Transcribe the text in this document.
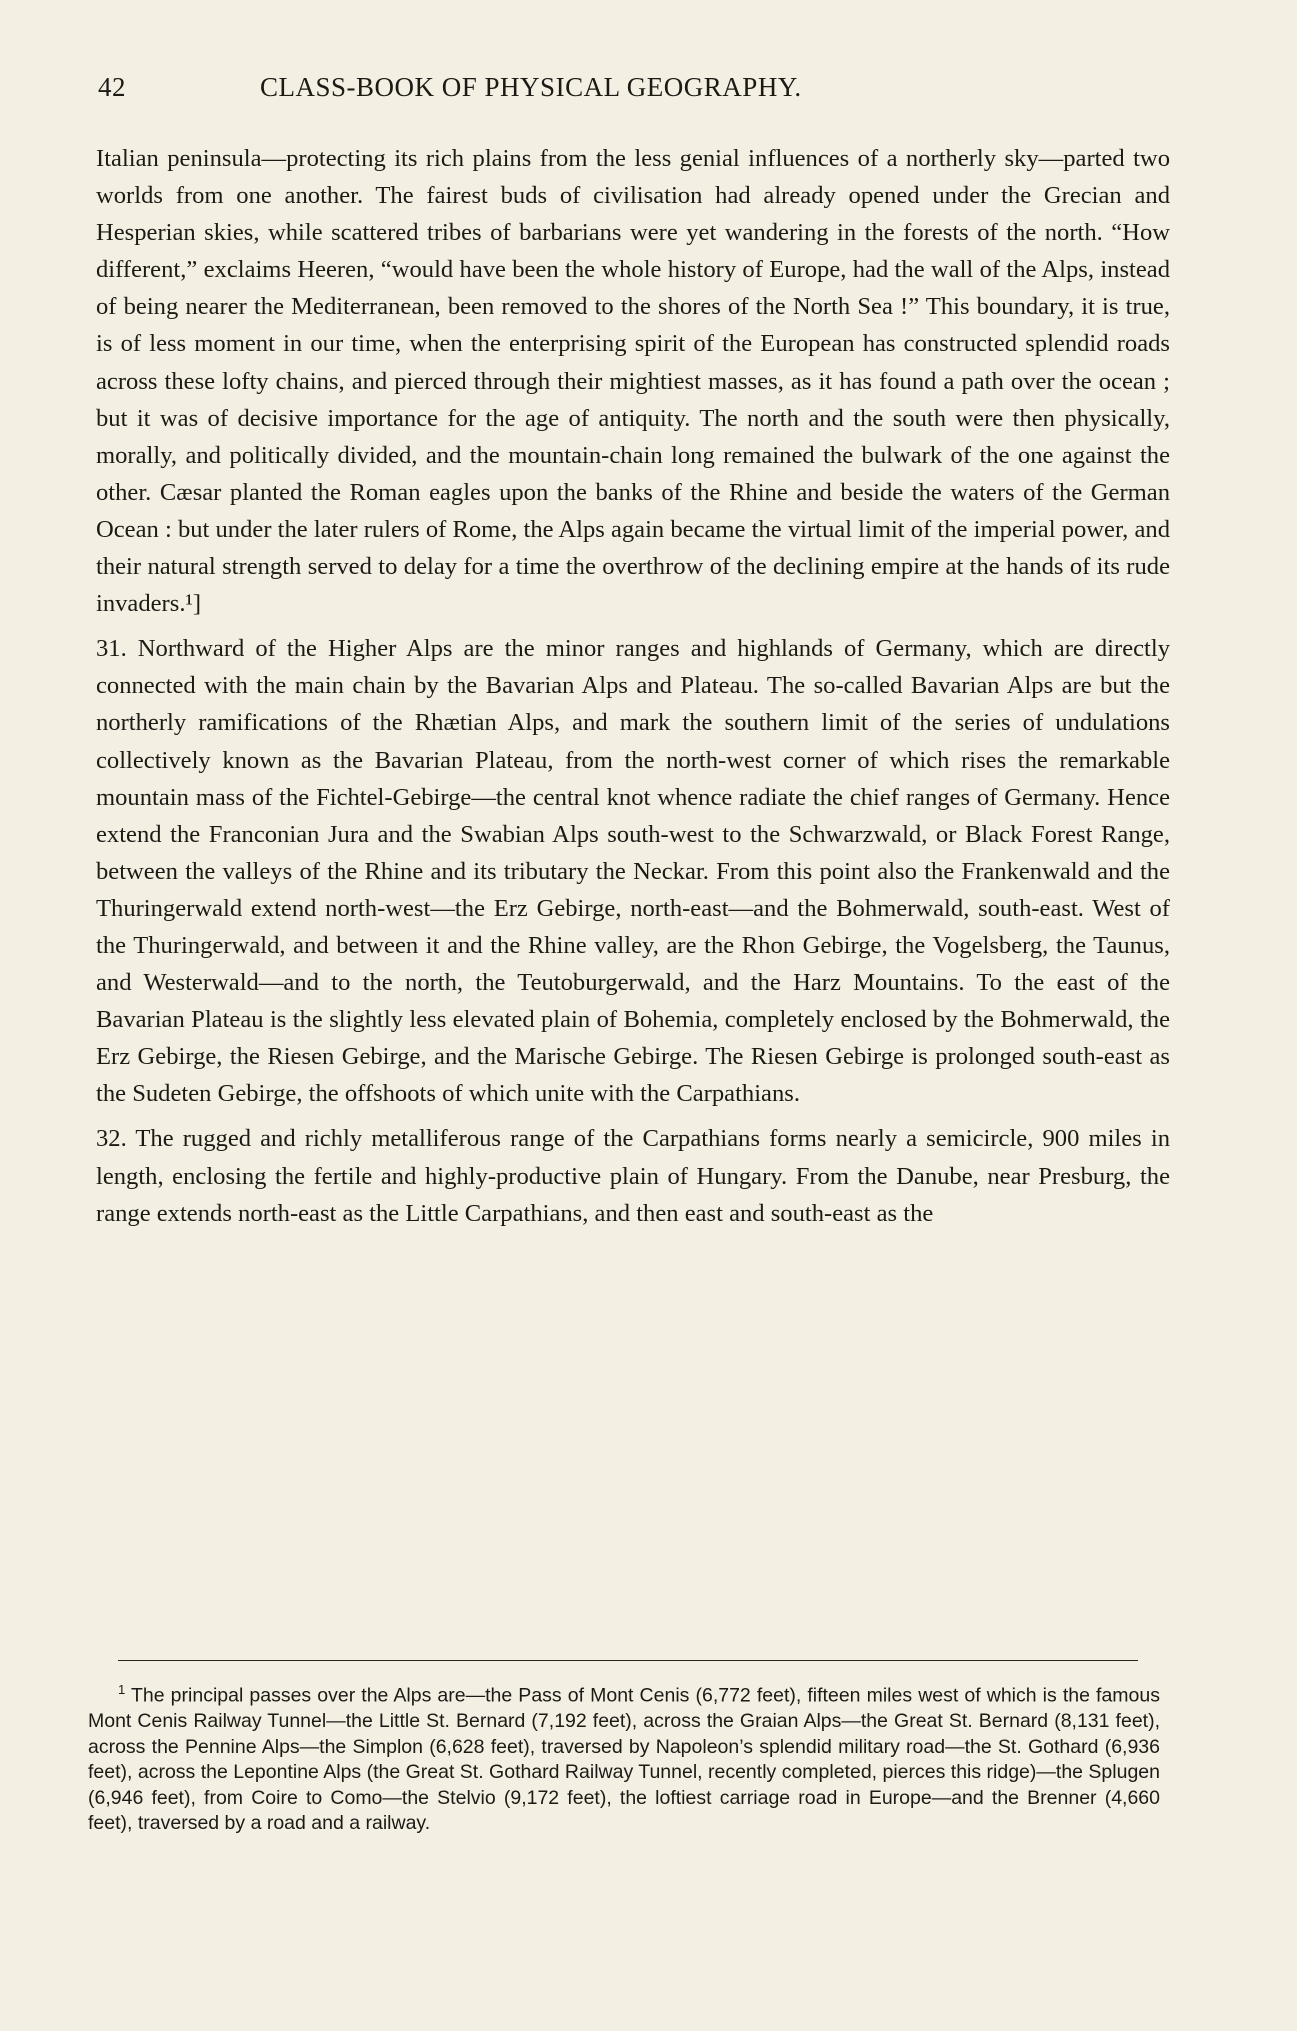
42	CLASS-BOOK OF PHYSICAL GEOGRAPHY.

Italian peninsula—protecting its rich plains from the less genial influences of a northerly sky—parted two worlds from one another. The fairest buds of civilisation had already opened under the Grecian and Hesperian skies, while scattered tribes of barbarians were yet wandering in the forests of the north. “How different,” exclaims Heeren, “would have been the whole history of Europe, had the wall of the Alps, instead of being nearer the Mediterranean, been removed to the shores of the North Sea !” This boundary, it is true, is of less moment in our time, when the enterprising spirit of the European has constructed splendid roads across these lofty chains, and pierced through their mightiest masses, as it has found a path over the ocean ; but it was of decisive importance for the age of antiquity. The north and the south were then physically, morally, and politically divided, and the mountain-chain long remained the bulwark of the one against the other. Cæsar planted the Roman eagles upon the banks of the Rhine and beside the waters of the German Ocean : but under the later rulers of Rome, the Alps again became the virtual limit of the imperial power, and their natural strength served to delay for a time the overthrow of the declining empire at the hands of its rude invaders.¹]

31. Northward of the Higher Alps are the minor ranges and highlands of Germany, which are directly connected with the main chain by the Bavarian Alps and Plateau. The so-called Bavarian Alps are but the northerly ramifications of the Rhætian Alps, and mark the southern limit of the series of undulations collectively known as the Bavarian Plateau, from the north-west corner of which rises the remarkable mountain mass of the Fichtel-Gebirge—the central knot whence radiate the chief ranges of Germany. Hence extend the Franconian Jura and the Swabian Alps south-west to the Schwarzwald, or Black Forest Range, between the valleys of the Rhine and its tributary the Neckar. From this point also the Frankenwald and the Thuringerwald extend north-west—the Erz Gebirge, north-east—and the Bohmerwald, south-east. West of the Thuringerwald, and between it and the Rhine valley, are the Rhon Gebirge, the Vogelsberg, the Taunus, and Westerwald—and to the north, the Teutoburgerwald, and the Harz Mountains. To the east of the Bavarian Plateau is the slightly less elevated plain of Bohemia, completely enclosed by the Bohmerwald, the Erz Gebirge, the Riesen Gebirge, and the Marische Gebirge. The Riesen Gebirge is prolonged south-east as the Sudeten Gebirge, the offshoots of which unite with the Carpathians.

32. The rugged and richly metalliferous range of the Carpathians forms nearly a semicircle, 900 miles in length, enclosing the fertile and highly-productive plain of Hungary. From the Danube, near Presburg, the range extends north-east as the Little Carpathians, and then east and south-east as the

$^1$ The principal passes over the Alps are—the Pass of Mont Cenis (6,772 feet), fifteen miles west of which is the famous Mont Cenis Railway Tunnel—the Little St. Bernard (7,192 feet), across the Graian Alps—the Great St. Bernard (8,131 feet), across the Pennine Alps—the Simplon (6,628 feet), traversed by Napoleon’s splendid military road—the St. Gothard (6,936 feet), across the Lepontine Alps (the Great St. Gothard Railway Tunnel, recently completed, pierces this ridge)—the Splugen (6,946 feet), from Coire to Como—the Stelvio (9,172 feet), the loftiest carriage road in Europe—and the Brenner (4,660 feet), traversed by a road and a railway.
